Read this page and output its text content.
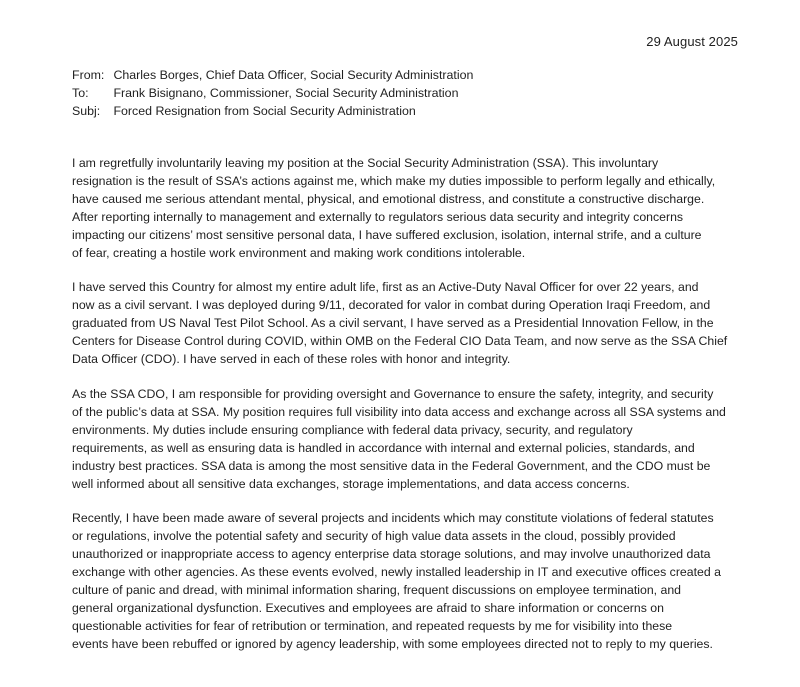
29 August 2025
From: Charles Borges, Chief Data Officer, Social Security Administration
To: Frank Bisignano, Commissioner, Social Security Administration
Subj: Forced Resignation from Social Security Administration

I am regretfully involuntarily leaving my position at the Social Security Administration (SSA). This involuntary
resignation is the result of SSA’s actions against me, which make my duties impossible to perform legally and ethically,
have caused me serious attendant mental, physical, and emotional distress, and constitute a constructive discharge.
After reporting internally to management and externally to regulators serious data security and integrity concerns
impacting our citizens’ most sensitive personal data, I have suffered exclusion, isolation, internal strife, and a culture
of fear, creating a hostile work environment and making work conditions intolerable.

I have served this Country for almost my entire adult life, first as an Active-Duty Naval Officer for over 22 years, and
now as a civil servant. I was deployed during 9/11, decorated for valor in combat during Operation Iraqi Freedom, and
graduated from US Naval Test Pilot School. As a civil servant, I have served as a Presidential Innovation Fellow, in the
Centers for Disease Control during COVID, within OMB on the Federal CIO Data Team, and now serve as the SSA Chief
Data Officer (CDO). I have served in each of these roles with honor and integrity.

As the SSA CDO, I am responsible for providing oversight and Governance to ensure the safety, integrity, and security
of the public’s data at SSA. My position requires full visibility into data access and exchange across all SSA systems and
environments. My duties include ensuring compliance with federal data privacy, security, and regulatory
requirements, as well as ensuring data is handled in accordance with internal and external policies, standards, and
industry best practices. SSA data is among the most sensitive data in the Federal Government, and the CDO must be
well informed about all sensitive data exchanges, storage implementations, and data access concerns.

Recently, I have been made aware of several projects and incidents which may constitute violations of federal statutes
or regulations, involve the potential safety and security of high value data assets in the cloud, possibly provided
unauthorized or inappropriate access to agency enterprise data storage solutions, and may involve unauthorized data
exchange with other agencies. As these events evolved, newly installed leadership in IT and executive offices created a
culture of panic and dread, with minimal information sharing, frequent discussions on employee termination, and
general organizational dysfunction. Executives and employees are afraid to share information or concerns on
questionable activities for fear of retribution or termination, and repeated requests by me for visibility into these
events have been rebuffed or ignored by agency leadership, with some employees directed not to reply to my queries.
